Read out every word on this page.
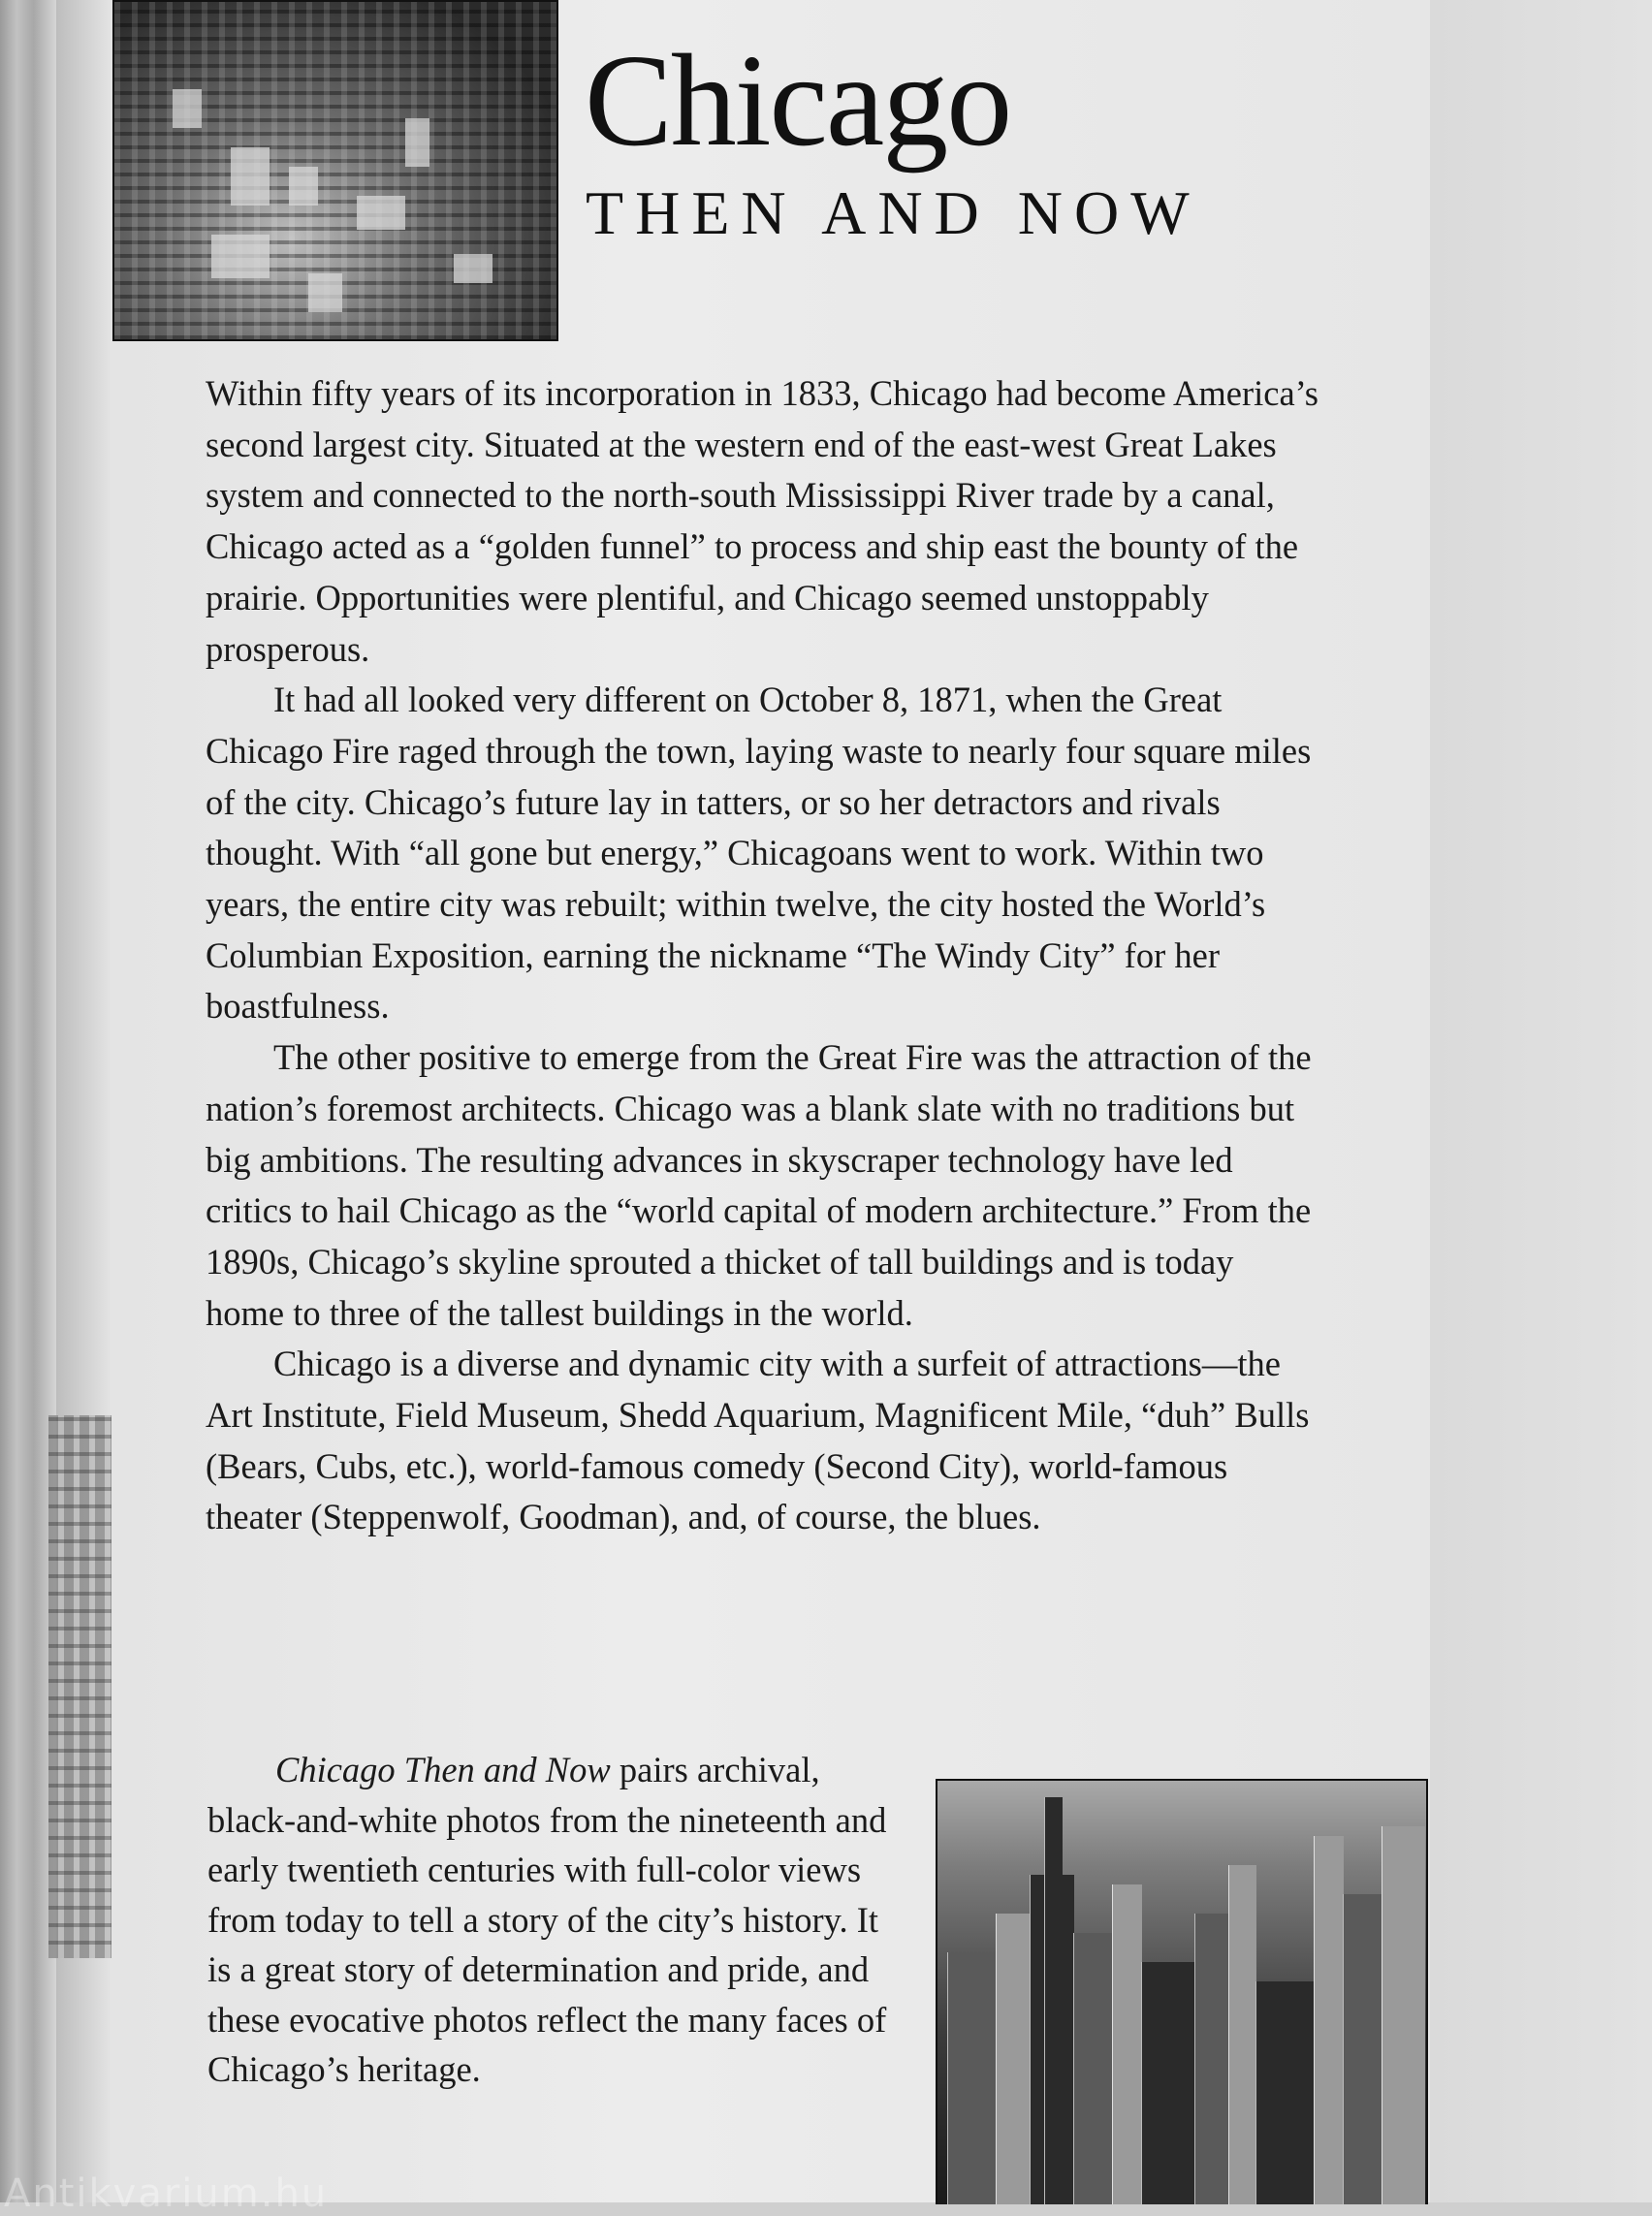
Chicago
THEN AND NOW

Within fifty years of its incorporation in 1833, Chicago had become America’s second largest city. Situated at the western end of the east-west Great Lakes system and connected to the north-south Mississippi River trade by a canal, Chicago acted as a “golden funnel” to process and ship east the bounty of the prairie. Opportunities were plentiful, and Chicago seemed unstoppably prosperous.

It had all looked very different on October 8, 1871, when the Great Chicago Fire raged through the town, laying waste to nearly four square miles of the city. Chicago’s future lay in tatters, or so her detractors and rivals thought. With “all gone but energy,” Chicagoans went to work. Within two years, the entire city was rebuilt; within twelve, the city hosted the World’s Columbian Exposition, earning the nickname “The Windy City” for her boastfulness.

The other positive to emerge from the Great Fire was the attraction of the nation’s foremost architects. Chicago was a blank slate with no traditions but big ambitions. The resulting advances in skyscraper technology have led critics to hail Chicago as the “world capital of modern architecture.” From the 1890s, Chicago’s skyline sprouted a thicket of tall buildings and is today home to three of the tallest buildings in the world.

Chicago is a diverse and dynamic city with a surfeit of attractions—the Art Institute, Field Museum, Shedd Aquarium, Magnificent Mile, “duh” Bulls (Bears, Cubs, etc.), world-famous comedy (Second City), world-famous theater (Steppenwolf, Goodman), and, of course, the blues.

Chicago Then and Now pairs archival, black-and-white photos from the nineteenth and early twentieth centuries with full-color views from today to tell a story of the city’s history. It is a great story of determination and pride, and these evocative photos reflect the many faces of Chicago’s heritage.

Antikvarium.hu
